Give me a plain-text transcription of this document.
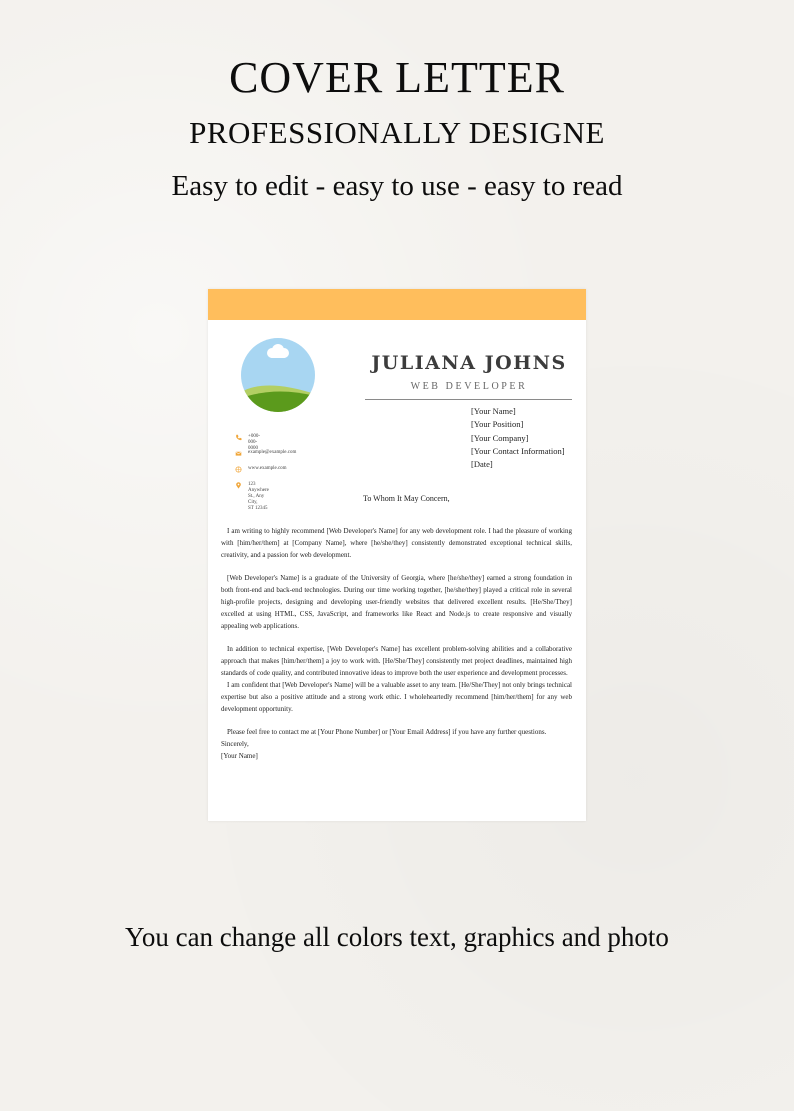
COVER LETTER
PROFESSIONALLY DESIGNE
Easy to edit - easy to use - easy to read
JULIANA JOHNS
WEB DEVELOPER
[Your Name]
[Your Position]
[Your Company]
[Your Contact Information]
[Date]
+000-000-0000
example@example.com
www.example.com
123 Anywhere St., Any City,
ST 12345
To Whom It May Concern,

I am writing to highly recommend [Web Developer's Name] for any web development role. I had the pleasure of working with [him/her/them] at [Company Name], where [he/she/they] consistently demonstrated exceptional technical skills, creativity, and a passion for web development.

[Web Developer's Name] is a graduate of the University of Georgia, where [he/she/they] earned a strong foundation in both front-end and back-end technologies. During our time working together, [he/she/they] played a critical role in several high-profile projects, designing and developing user-friendly websites that delivered excellent results. [He/She/They] excelled at using HTML, CSS, JavaScript, and frameworks like React and Node.js to create responsive and visually appealing web applications.

In addition to technical expertise, [Web Developer's Name] has excellent problem-solving abilities and a collaborative approach that makes [him/her/them] a joy to work with. [He/She/They] consistently met project deadlines, maintained high standards of code quality, and contributed innovative ideas to improve both the user experience and development processes.

I am confident that [Web Developer's Name] will be a valuable asset to any team. [He/She/They] not only brings technical expertise but also a positive attitude and a strong work ethic. I wholeheartedly recommend [him/her/them] for any web development opportunity.

Please feel free to contact me at [Your Phone Number] or [Your Email Address] if you have any further questions.

Sincerely,

[Your Name]

You can change all colors text, graphics and photo
